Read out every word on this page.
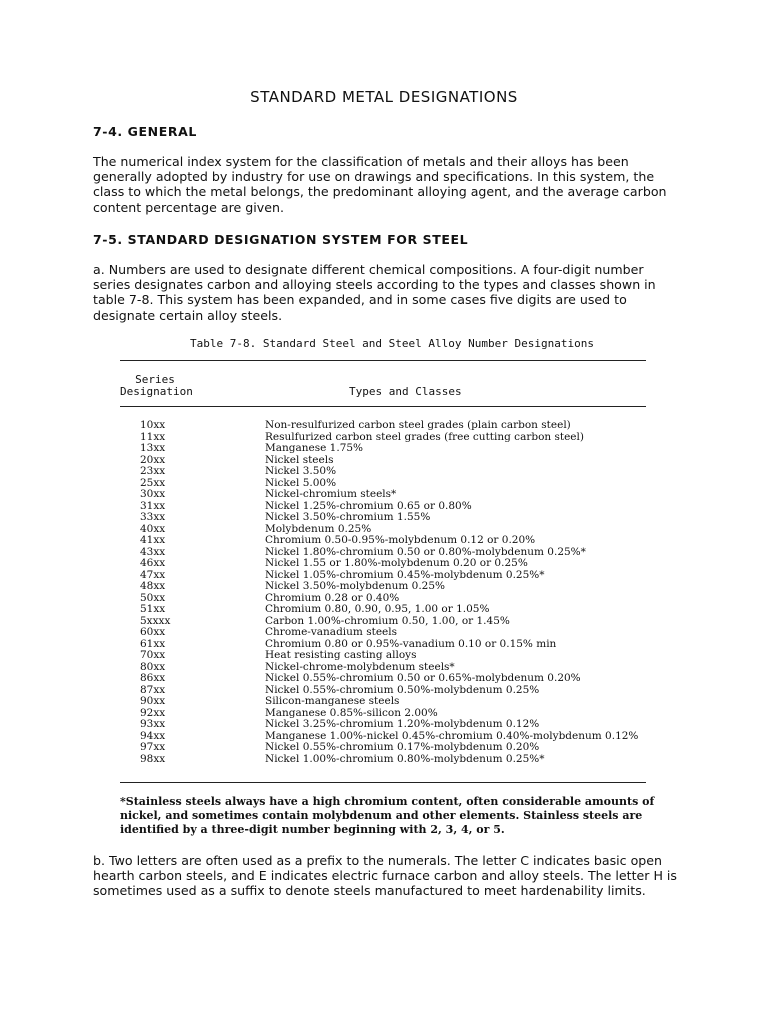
STANDARD METAL DESIGNATIONS
7-4. GENERAL
The numerical index system for the classification of metals and their alloys has been generally adopted by industry for use on drawings and specifications. In this system, the class to which the metal belongs, the predominant alloying agent, and the average carbon content percentage are given.
7-5. STANDARD DESIGNATION SYSTEM FOR STEEL
a. Numbers are used to designate different chemical compositions. A four-digit number series designates carbon and alloying steels according to the types and classes shown in table 7-8. This system has been expanded, and in some cases five digits are used to designate certain alloy steels.
Table 7-8. Standard Steel and Steel Alloy Number Designations
Series Designation	Types and Classes
10xx	Non-resulfurized carbon steel grades (plain carbon steel)
11xx	Resulfurized carbon steel grades (free cutting carbon steel)
13xx	Manganese 1.75%
20xx	Nickel steels
23xx	Nickel 3.50%
25xx	Nickel 5.00%
30xx	Nickel-chromium steels*
31xx	Nickel 1.25%-chromium 0.65 or 0.80%
33xx	Nickel 3.50%-chromium 1.55%
40xx	Molybdenum 0.25%
41xx	Chromium 0.50-0.95%-molybdenum 0.12 or 0.20%
43xx	Nickel 1.80%-chromium 0.50 or 0.80%-molybdenum 0.25%*
46xx	Nickel 1.55 or 1.80%-molybdenum 0.20 or 0.25%
47xx	Nickel 1.05%-chromium 0.45%-molybdenum 0.25%*
48xx	Nickel 3.50%-molybdenum 0.25%
50xx	Chromium 0.28 or 0.40%
51xx	Chromium 0.80, 0.90, 0.95, 1.00 or 1.05%
5xxxx	Carbon 1.00%-chromium 0.50, 1.00, or 1.45%
60xx	Chrome-vanadium steels
61xx	Chromium 0.80 or 0.95%-vanadium 0.10 or 0.15% min
70xx	Heat resisting casting alloys
80xx	Nickel-chrome-molybdenum steels*
86xx	Nickel 0.55%-chromium 0.50 or 0.65%-molybdenum 0.20%
87xx	Nickel 0.55%-chromium 0.50%-molybdenum 0.25%
90xx	Silicon-manganese steels
92xx	Manganese 0.85%-silicon 2.00%
93xx	Nickel 3.25%-chromium 1.20%-molybdenum 0.12%
94xx	Manganese 1.00%-nickel 0.45%-chromium 0.40%-molybdenum 0.12%
97xx	Nickel 0.55%-chromium 0.17%-molybdenum 0.20%
98xx	Nickel 1.00%-chromium 0.80%-molybdenum 0.25%*
*Stainless steels always have a high chromium content, often considerable amounts of nickel, and sometimes contain molybdenum and other elements. Stainless steels are identified by a three-digit number beginning with 2, 3, 4, or 5.
b. Two letters are often used as a prefix to the numerals. The letter C indicates basic open hearth carbon steels, and E indicates electric furnace carbon and alloy steels. The letter H is sometimes used as a suffix to denote steels manufactured to meet hardenability limits.
